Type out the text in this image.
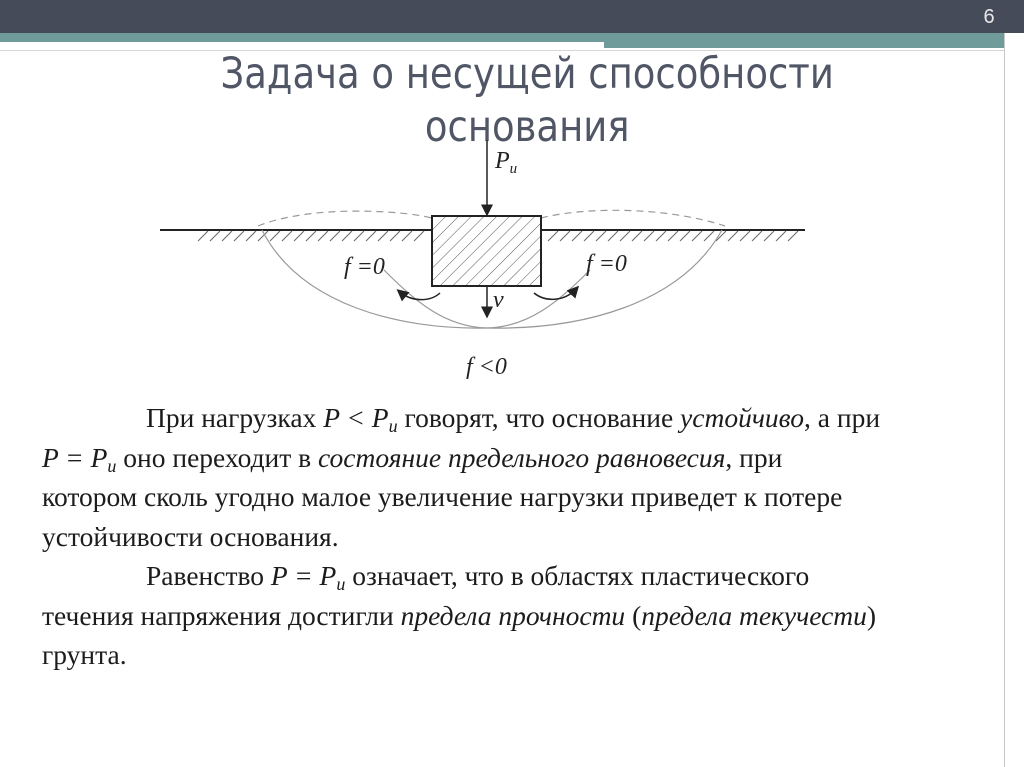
6
Задача о несущей способности
основания
$P_u$
f =0	f =0
v
f <0

При нагрузках $P < P_u$ говорят, что основание устойчиво, а при $P = P_u$ оно переходит в состояние предельного равновесия, при котором сколь угодно малое увеличение нагрузки приведет к потере устойчивости основания.

Равенство $P = P_u$ означает, что в областях пластического течения напряжения достигли предела прочности (предела текучести) грунта.
